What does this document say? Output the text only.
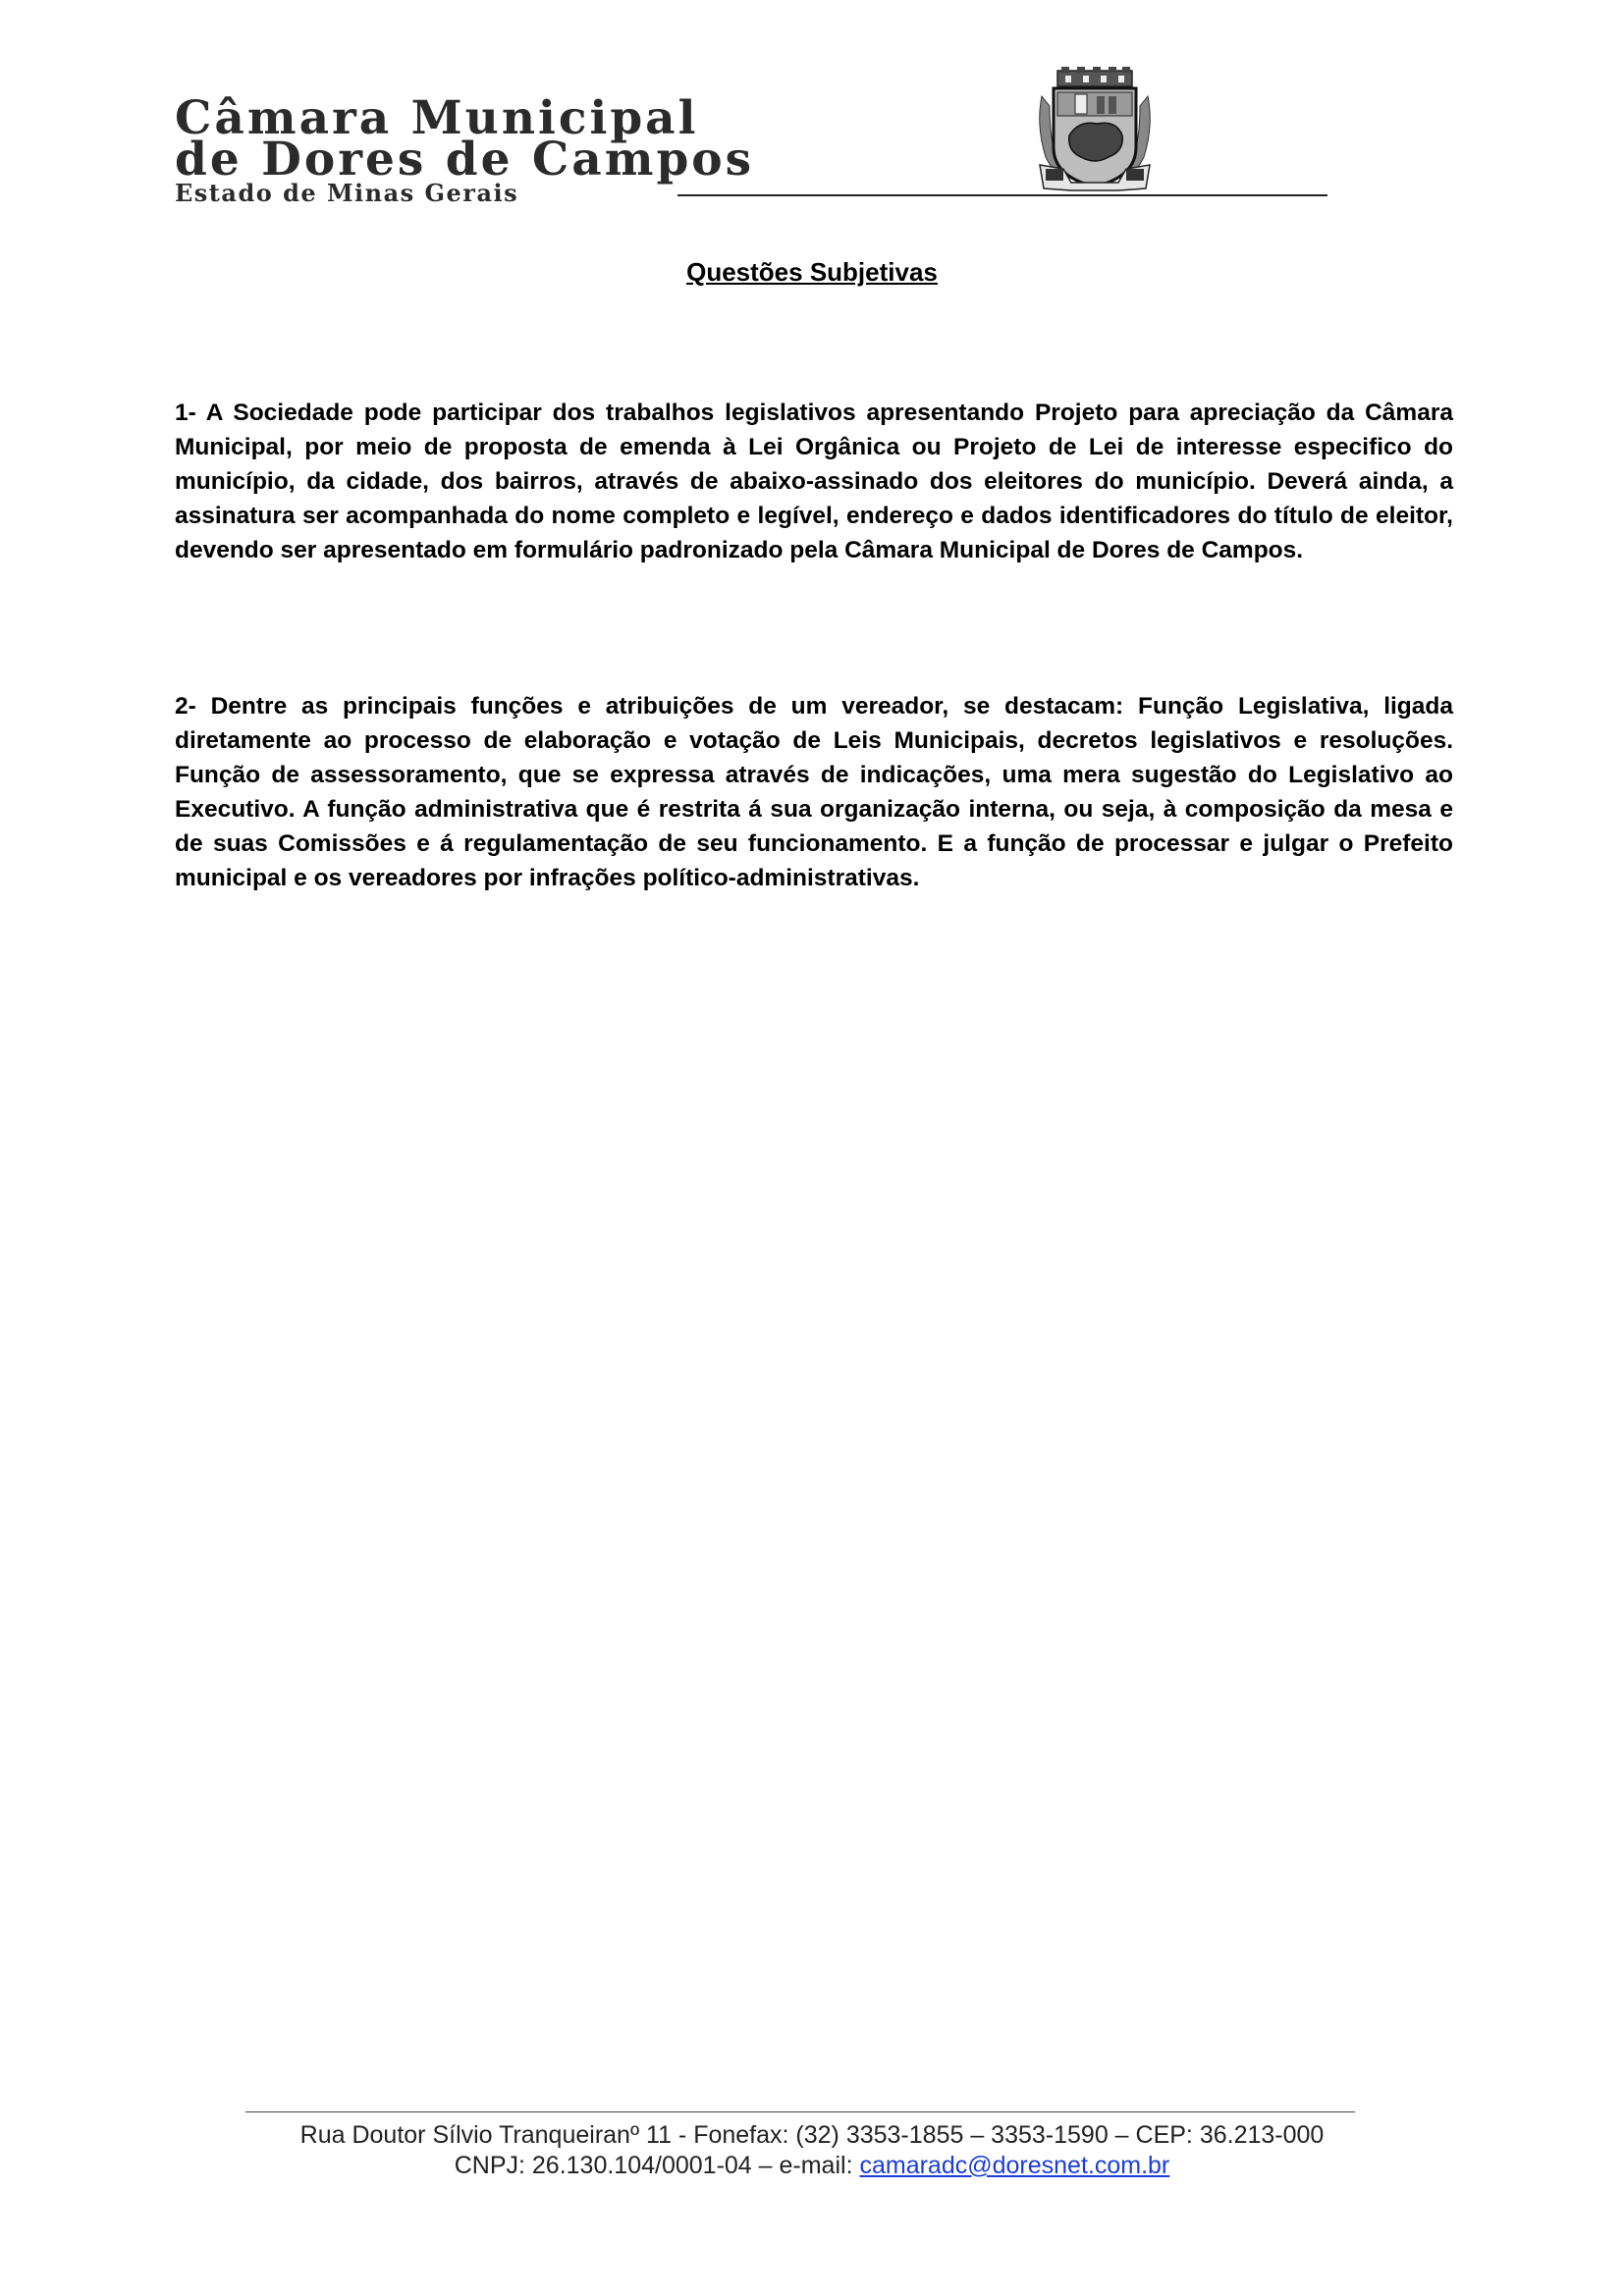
Câmara Municipal
de Dores de Campos
Estado de Minas Gerais
Questões Subjetivas
1- A Sociedade pode participar dos trabalhos legislativos apresentando Projeto para apreciação da Câmara Municipal, por meio de proposta de emenda à Lei Orgânica ou Projeto de Lei de interesse especifico do município, da cidade, dos bairros, através de abaixo-assinado dos eleitores do município. Deverá ainda, a assinatura ser acompanhada do nome completo e legível, endereço e dados identificadores do título de eleitor, devendo ser apresentado em formulário padronizado pela Câmara Municipal de Dores de Campos.
2- Dentre as principais funções e atribuições de um vereador, se destacam: Função Legislativa, ligada diretamente ao processo de elaboração e votação de Leis Municipais, decretos legislativos e resoluções. Função de assessoramento, que se expressa através de indicações, uma mera sugestão do Legislativo ao Executivo. A função administrativa que é restrita á sua organização interna, ou seja, à composição da mesa e de suas Comissões e á regulamentação de seu funcionamento. E a função de processar e julgar o Prefeito municipal e os vereadores por infrações político-administrativas.
Rua Doutor Sílvio Tranqueiranº 11 - Fonefax: (32) 3353-1855 – 3353-1590 – CEP: 36.213-000
CNPJ: 26.130.104/0001-04 – e-mail: camaradc@doresnet.com.br
